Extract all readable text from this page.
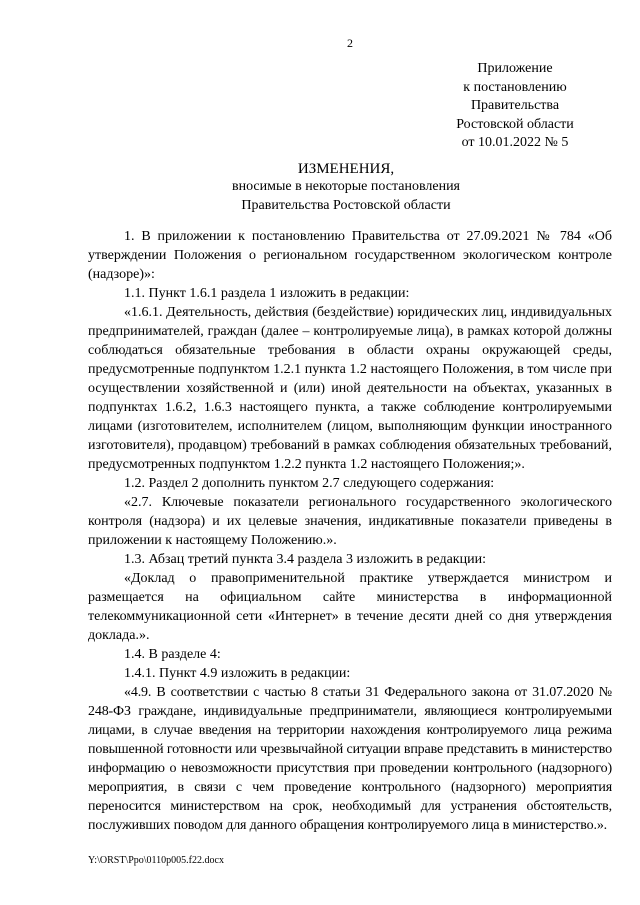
2
Приложение
к постановлению
Правительства
Ростовской области
от 10.01.2022 № 5
ИЗМЕНЕНИЯ,
вносимые в некоторые постановления
Правительства Ростовской области

1. В приложении к постановлению Правительства от 27.09.2021 № 784 «Об утверждении Положения о региональном государственном экологическом контроле (надзоре)»:

1.1. Пункт 1.6.1 раздела 1 изложить в редакции:

«1.6.1. Деятельность, действия (бездействие) юридических лиц, индивидуальных предпринимателей, граждан (далее – контролируемые лица), в рамках которой должны соблюдаться обязательные требования в области охраны окружающей среды, предусмотренные подпунктом 1.2.1 пункта 1.2 настоящего Положения, в том числе при осуществлении хозяйственной и (или) иной деятельности на объектах, указанных в подпунктах 1.6.2, 1.6.3 настоящего пункта, а также соблюдение контролируемыми лицами (изготовителем, исполнителем (лицом, выполняющим функции иностранного изготовителя), продавцом) требований в рамках соблюдения обязательных требований, предусмотренных подпунктом 1.2.2 пункта 1.2 настоящего Положения;».

1.2. Раздел 2 дополнить пунктом 2.7 следующего содержания:

«2.7. Ключевые показатели регионального государственного экологического контроля (надзора) и их целевые значения, индикативные показатели приведены в приложении к настоящему Положению.».

1.3. Абзац третий пункта 3.4 раздела 3 изложить в редакции:

«Доклад о правоприменительной практике утверждается министром и размещается на официальном сайте министерства в информационной телекоммуникационной сети «Интернет» в течение десяти дней со дня утверждения доклада.».

1.4. В разделе 4:

1.4.1. Пункт 4.9 изложить в редакции:

«4.9. В соответствии с частью 8 статьи 31 Федерального закона от 31.07.2020 № 248-ФЗ граждане, индивидуальные предприниматели, являющиеся контролируемыми лицами, в случае введения на территории нахождения контролируемого лица режима повышенной готовности или чрезвычайной ситуации вправе представить в министерство информацию о невозможности присутствия при проведении контрольного (надзорного) мероприятия, в связи с чем проведение контрольного (надзорного) мероприятия переносится министерством на срок, необходимый для устранения обстоятельств, послуживших поводом для данного обращения контролируемого лица в министерство.».

Y:\ORST\Ppo\0110p005.f22.docx
